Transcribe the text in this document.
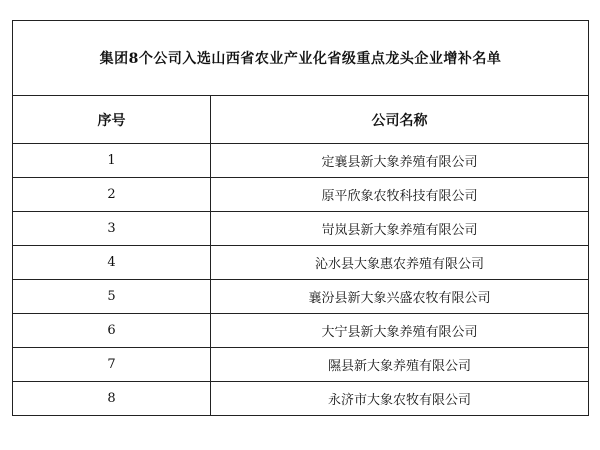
集团8个公司入选山西省农业产业化省级重点龙头企业增补名单	
序号	公司名称
1	定襄县新大象养殖有限公司
2	原平欣象农牧科技有限公司
3	岢岚县新大象养殖有限公司
4	沁水县大象惠农养殖有限公司
5	襄汾县新大象兴盛农牧有限公司
6	大宁县新大象养殖有限公司
7	隰县新大象养殖有限公司
8	永济市大象农牧有限公司
